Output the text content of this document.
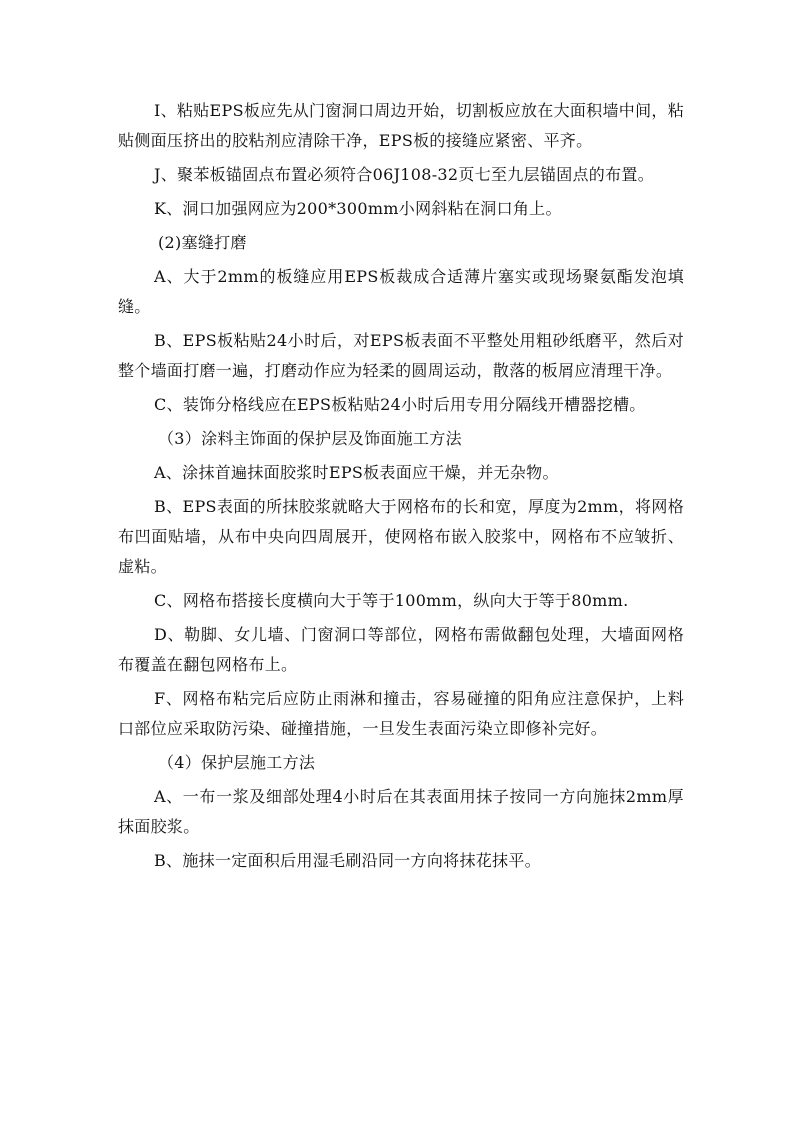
I、粘贴EPS板应先从门窗洞口周边开始，切割板应放在大面积墙中间，粘贴侧面压挤出的胶粘剂应清除干净，EPS板的接缝应紧密、平齐。

J、聚苯板锚固点布置必须符合06J108-32页七至九层锚固点的布置。

K、洞口加强网应为200*300mm小网斜粘在洞口角上。

(2)塞缝打磨

A、大于2mm的板缝应用EPS板裁成合适薄片塞实或现场聚氨酯发泡填缝。

B、EPS板粘贴24小时后，对EPS板表面不平整处用粗砂纸磨平，然后对整个墙面打磨一遍，打磨动作应为轻柔的圆周运动，散落的板屑应清理干净。

C、装饰分格线应在EPS板粘贴24小时后用专用分隔线开槽器挖槽。

（3）涂料主饰面的保护层及饰面施工方法

A、涂抹首遍抹面胶浆时EPS板表面应干燥，并无杂物。

B、EPS表面的所抹胶浆就略大于网格布的长和宽，厚度为2mm，将网格布凹面贴墙，从布中央向四周展开，使网格布嵌入胶浆中，网格布不应皱折、虚粘。

C、网格布搭接长度横向大于等于100mm，纵向大于等于80mm.

D、勒脚、女儿墙、门窗洞口等部位，网格布需做翻包处理，大墙面网格布覆盖在翻包网格布上。

F、网格布粘完后应防止雨淋和撞击，容易碰撞的阳角应注意保护，上料口部位应采取防污染、碰撞措施，一旦发生表面污染立即修补完好。

（4）保护层施工方法

A、一布一浆及细部处理4小时后在其表面用抹子按同一方向施抹2mm厚抹面胶浆。

B、施抹一定面积后用湿毛刷沿同一方向将抹花抹平。
